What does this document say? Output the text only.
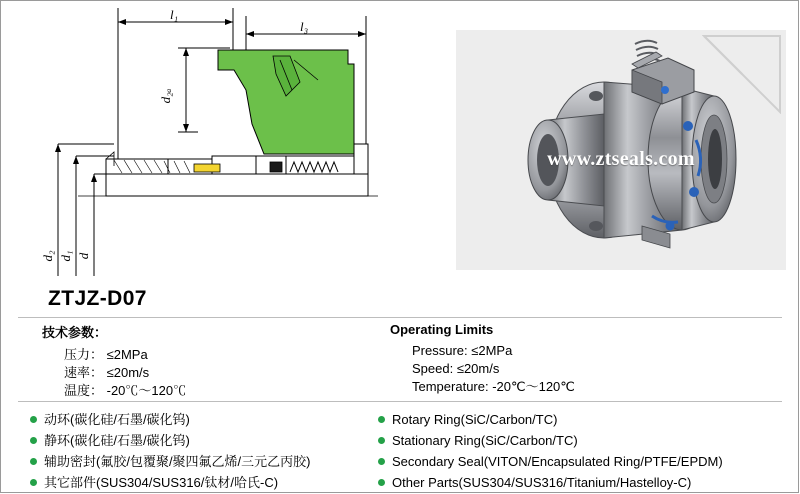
l₁
l₃
d₂ₐ
d₂ d₁ d
www.ztseals.com
ZTJZ-D07
技术参数：
压力： ≤2MPa
速率： ≤20m/s
温度： -20℃～120℃
Operating Limits
Pressure: ≤2MPa
Speed: ≤20m/s
Temperature: -20℃～120℃
动环(碳化硅/石墨/碳化钨)
静环(碳化硅/石墨/碳化钨)
辅助密封(氟胶/包覆聚/聚四氟乙烯/三元乙丙胶)
其它部件(SUS304/SUS316/钛材/哈氏-C)
Rotary Ring(SiC/Carbon/TC)
Stationary Ring(SiC/Carbon/TC)
Secondary Seal(VITON/Encapsulated Ring/PTFE/EPDM)
Other Parts(SUS304/SUS316/Titanium/Hastelloy-C)
